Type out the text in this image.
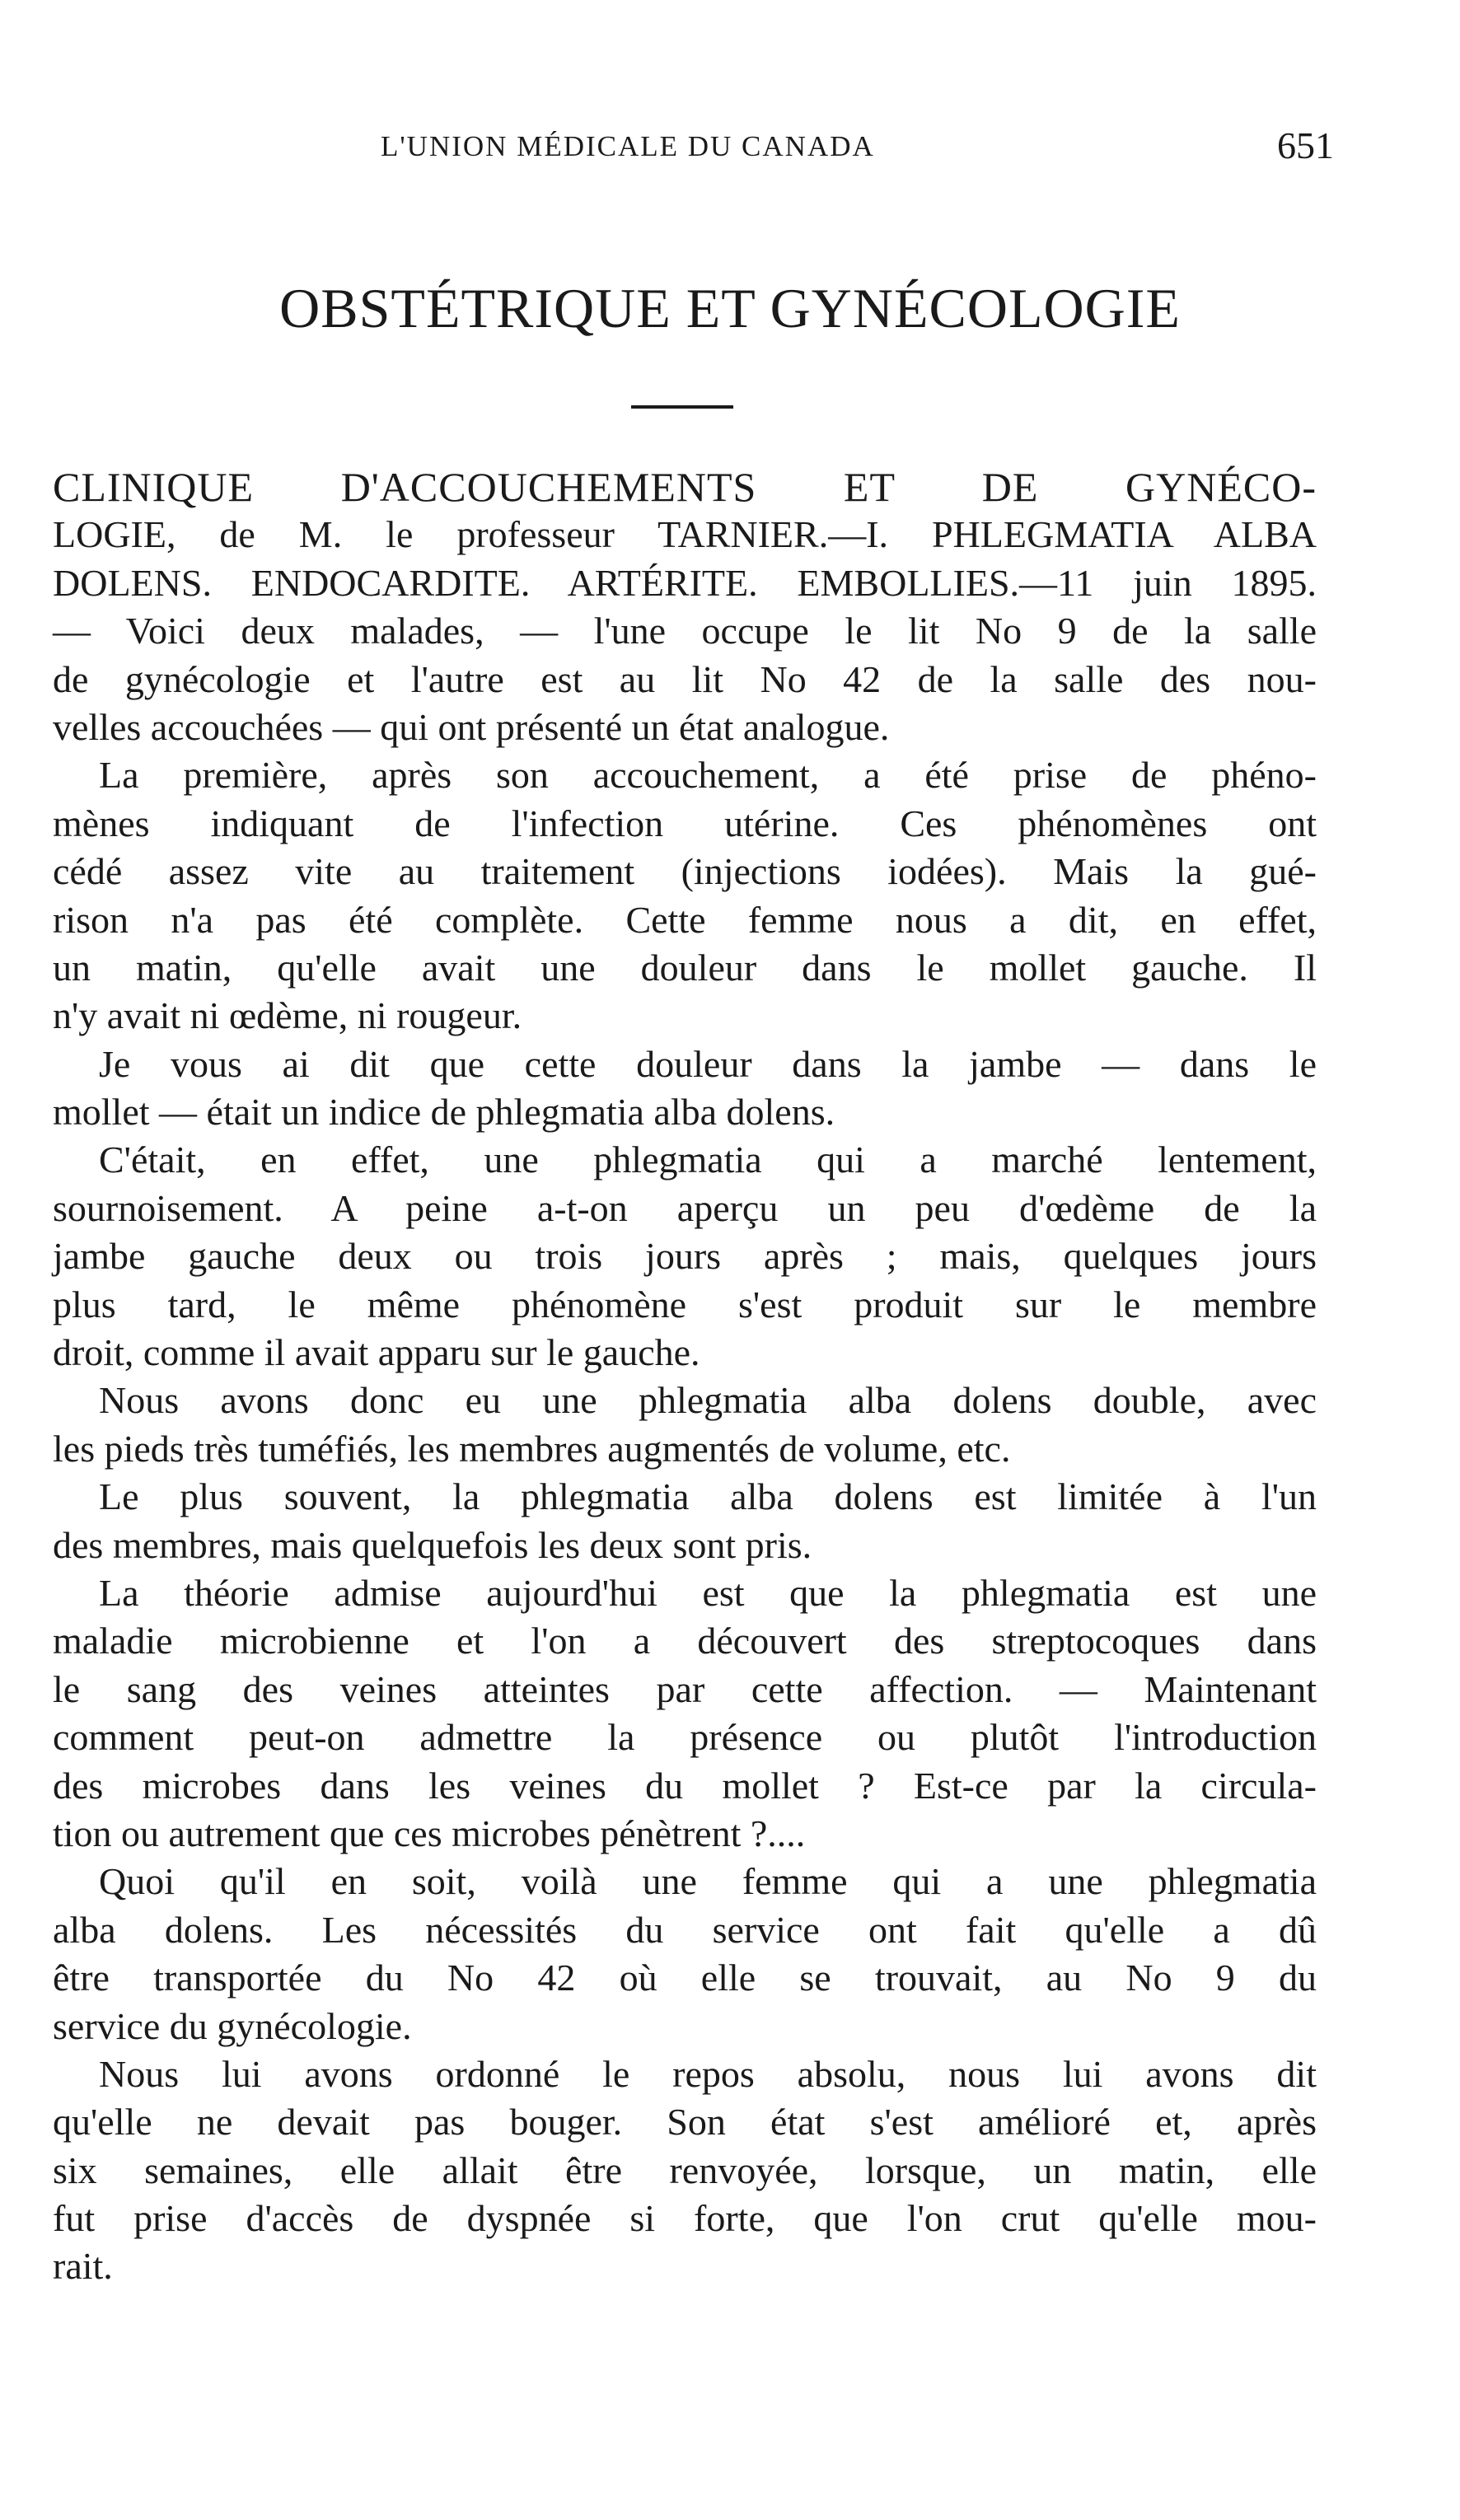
L'UNION MÉDICALE DU CANADA	651
OBSTÉTRIQUE ET GYNÉCOLOGIE
CLINIQUE D'ACCOUCHEMENTS ET DE GYNÉCO-
LOGIE, de M. le professeur TARNIER.—I. PHLEGMATIA ALBA
DOLENS. ENDOCARDITE. ARTÉRITE. EMBOLLIES.—11 juin 1895.
— Voici deux malades, — l'une occupe le lit No 9 de la salle
de gynécologie et l'autre est au lit No 42 de la salle des nou-
velles accouchées — qui ont présenté un état analogue.
La première, après son accouchement, a été prise de phéno-
mènes indiquant de l'infection utérine. Ces phénomènes ont
cédé assez vite au traitement (injections iodées). Mais la gué-
rison n'a pas été complète. Cette femme nous a dit, en effet,
un matin, qu'elle avait une douleur dans le mollet gauche. Il
n'y avait ni œdème, ni rougeur.
Je vous ai dit que cette douleur dans la jambe — dans le
mollet — était un indice de phlegmatia alba dolens.
C'était, en effet, une phlegmatia qui a marché lentement,
sournoisement. A peine a-t-on aperçu un peu d'œdème de la
jambe gauche deux ou trois jours après ; mais, quelques jours
plus tard, le même phénomène s'est produit sur le membre
droit, comme il avait apparu sur le gauche.
Nous avons donc eu une phlegmatia alba dolens double, avec
les pieds très tuméfiés, les membres augmentés de volume, etc.
Le plus souvent, la phlegmatia alba dolens est limitée à l'un
des membres, mais quelquefois les deux sont pris.
La théorie admise aujourd'hui est que la phlegmatia est une
maladie microbienne et l'on a découvert des streptocoques dans
le sang des veines atteintes par cette affection. — Maintenant
comment peut-on admettre la présence ou plutôt l'introduction
des microbes dans les veines du mollet ? Est-ce par la circula-
tion ou autrement que ces microbes pénètrent ?....
Quoi qu'il en soit, voilà une femme qui a une phlegmatia
alba dolens. Les nécessités du service ont fait qu'elle a dû
être transportée du No 42 où elle se trouvait, au No 9 du
service du gynécologie.
Nous lui avons ordonné le repos absolu, nous lui avons dit
qu'elle ne devait pas bouger. Son état s'est amélioré et, après
six semaines, elle allait être renvoyée, lorsque, un matin, elle
fut prise d'accès de dyspnée si forte, que l'on crut qu'elle mou-
rait.
